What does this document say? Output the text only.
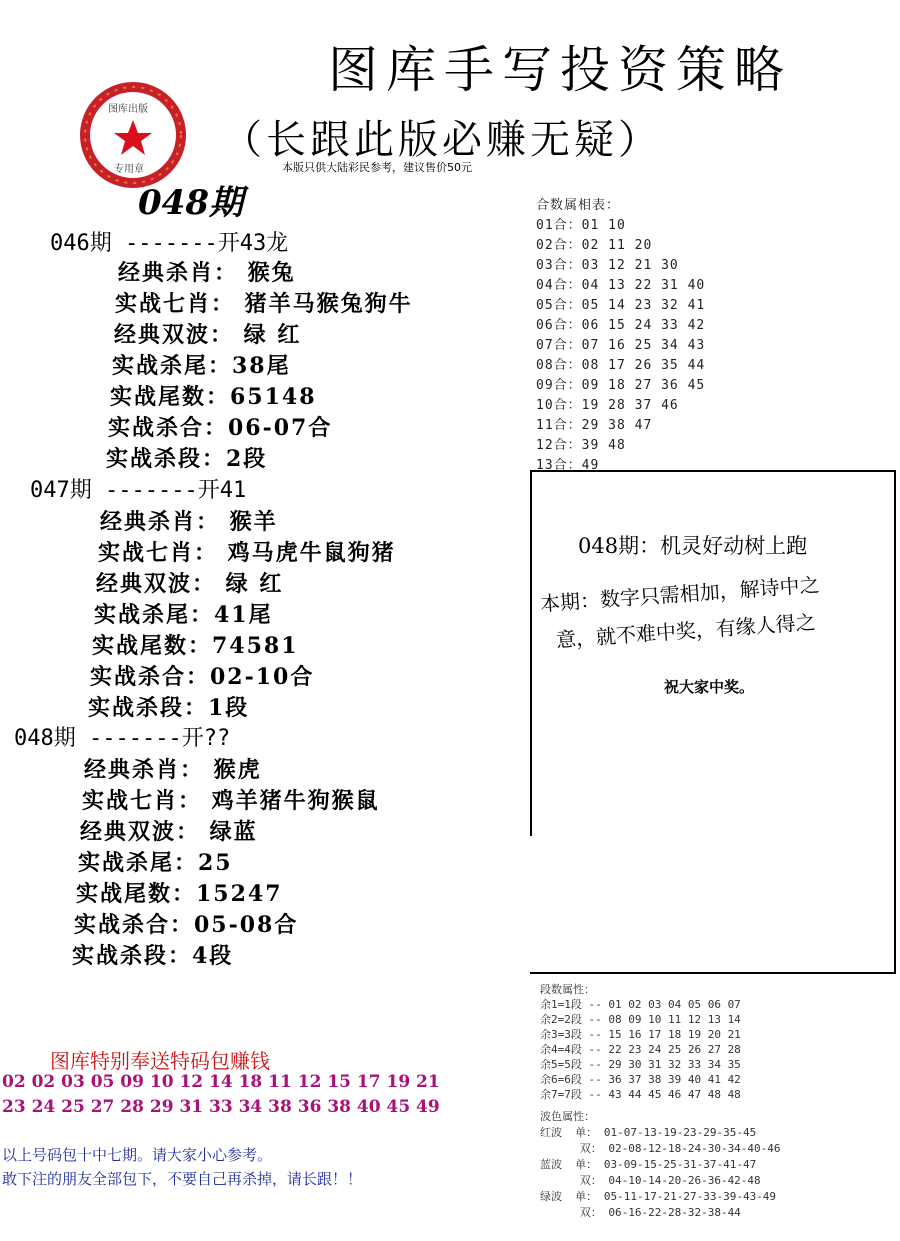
图库手写投资策略
（长跟此版必赚无疑）
本版只供大陆彩民参考，建议售价50元
图库出版
专用章
048期
046期 -------开43龙
经典杀肖： 猴兔
实战七肖： 猪羊马猴兔狗牛
经典双波： 绿 红
实战杀尾：38尾
实战尾数：65148
实战杀合：06-07合
实战杀段：2段
047期 -------开41
经典杀肖： 猴羊
实战七肖： 鸡马虎牛鼠狗猪
经典双波： 绿 红
实战杀尾：41尾
实战尾数：74581
实战杀合：02-10合
实战杀段：1段
048期 -------开??
经典杀肖： 猴虎
实战七肖： 鸡羊猪牛狗猴鼠
经典双波： 绿蓝
实战杀尾：25
实战尾数：15247
实战杀合：05-08合
实战杀段：4段
合数属相表：
01合：01 10
02合：02 11 20
03合：03 12 21 30
04合：04 13 22 31 40
05合：05 14 23 32 41
06合：06 15 24 33 42
07合：07 16 25 34 43
08合：08 17 26 35 44
09合：09 18 27 36 45
10合：19 28 37 46
11合：29 38 47
12合：39 48
13合：49
048期：机灵好动树上跑
本期：数字只需相加，解诗中之
意，就不难中奖，有缘人得之
祝大家中奖。
段数属性：
余1=1段 -- 01 02 03 04 05 06 07
余2=2段 -- 08 09 10 11 12 13 14
余3=3段 -- 15 16 17 18 19 20 21
余4=4段 -- 22 23 24 25 26 27 28
余5=5段 -- 29 30 31 32 33 34 35
余6=6段 -- 36 37 38 39 40 41 42
余7=7段 -- 43 44 45 46 47 48 48
波色属性：
红波  单： 01-07-13-19-23-29-35-45
双： 02-08-12-18-24-30-34-40-46
蓝波  单： 03-09-15-25-31-37-41-47
双： 04-10-14-20-26-36-42-48
绿波  单： 05-11-17-21-27-33-39-43-49
双： 06-16-22-28-32-38-44
图库特别奉送特码包赚钱
02 02 03 05 09 10 12 14 18 11 12 15 17 19 21
23 24 25 27 28 29 31 33 34 38 36 38 40 45 49
以上号码包十中七期。请大家小心参考。
敢下注的朋友全部包下，不要自己再杀掉，请长跟！！
